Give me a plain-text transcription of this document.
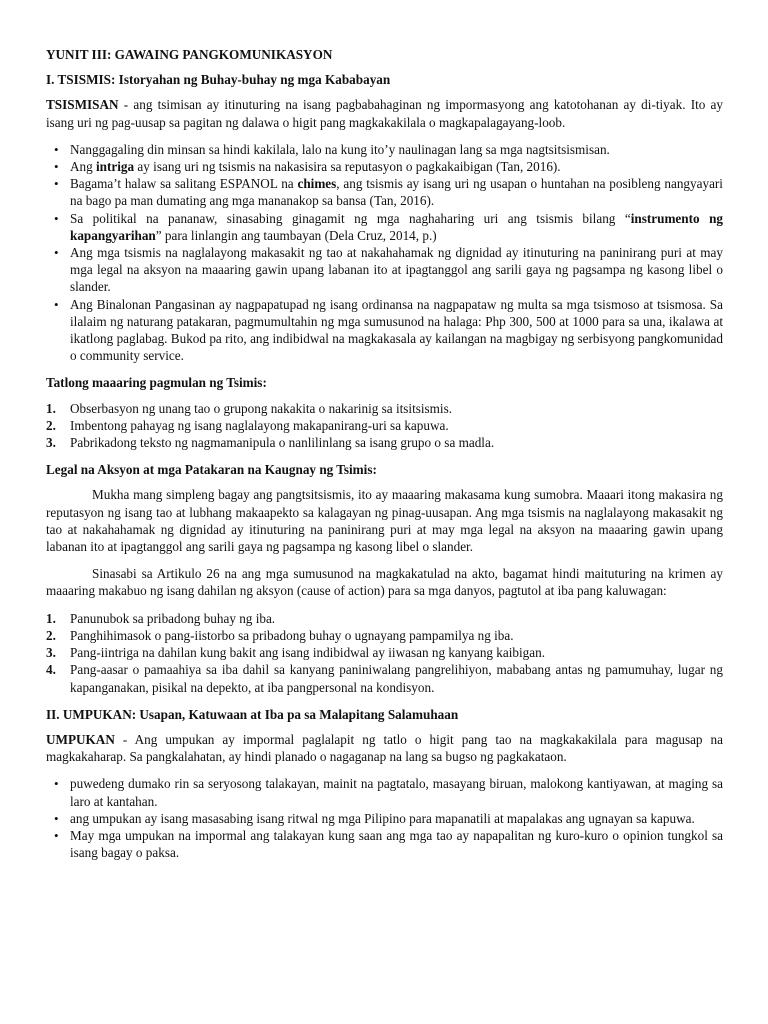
YUNIT III: GAWAING PANGKOMUNIKASYON

I. TSISMIS: Istoryahan ng Buhay-buhay ng mga Kababayan

TSISMISAN - ang tsimisan ay itinuturing na isang pagbabahaginan ng impormasyong ang katotohanan ay di-tiyak. Ito ay isang uri ng pag-uusap sa pagitan ng dalawa o higit pang magkakakilala o magkapalagayang-loob.

• Nanggagaling din minsan sa hindi kakilala, lalo na kung ito’y naulinagan lang sa mga nagtsitsismisan.
• Ang intriga ay isang uri ng tsismis na nakasisira sa reputasyon o pagkakaibigan (Tan, 2016).
• Bagama’t halaw sa salitang ESPANOL na chimes, ang tsismis ay isang uri ng usapan o huntahan na posibleng nangyayari na bago pa man dumating ang mga mananakop sa bansa (Tan, 2016).
• Sa politikal na pananaw, sinasabing ginagamit ng mga naghaharing uri ang tsismis bilang “instrumento ng kapangyarihan” para linlangin ang taumbayan (Dela Cruz, 2014, p.)
• Ang mga tsismis na naglalayong makasakit ng tao at nakahahamak ng dignidad ay itinuturing na paninirang puri at may mga legal na aksyon na maaaring gawin upang labanan ito at ipagtanggol ang sarili gaya ng pagsampa ng kasong libel o slander.
• Ang Binalonan Pangasinan ay nagpapatupad ng isang ordinansa na nagpapataw ng multa sa mga tsismoso at tsismosa. Sa ilalaim ng naturang patakaran, pagmumultahin ng mga sumusunod na halaga: Php 300, 500 at 1000 para sa una, ikalawa at ikatlong paglabag. Bukod pa rito, ang indibidwal na magkakasala ay kailangan na magbigay ng serbisyong pangkomunidad o community service.

Tatlong maaaring pagmulan ng Tsimis:

1.	Obserbasyon ng unang tao o grupong nakakita o nakarinig sa itsitsismis.
2.	Imbentong pahayag ng isang naglalayong makapanirang-uri sa kapuwa.
3.	Pabrikadong teksto ng nagmamanipula o nanlilinlang sa isang grupo o sa madla.

Legal na Aksyon at mga Patakaran na Kaugnay ng Tsimis:

Mukha mang simpleng bagay ang pangtsitsismis, ito ay maaaring makasama kung sumobra. Maaari itong makasira ng reputasyon ng isang tao at lubhang makaapekto sa kalagayan ng pinag-uusapan. Ang mga tsismis na naglalayong makasakit ng tao at nakahahamak ng dignidad ay itinuturing na paninirang puri at may mga legal na aksyon na maaaring gawin upang labanan ito at ipagtanggol ang sarili gaya ng pagsampa ng kasong libel o slander.

Sinasabi sa Artikulo 26 na ang mga sumusunod na magkakatulad na akto, bagamat hindi maituturing na krimen ay maaaring makabuo ng isang dahilan ng aksyon (cause of action) para sa mga danyos, pagtutol at iba pang kaluwagan:

1.	Panunubok sa pribadong buhay ng iba.
2.	Panghihimasok o pang-iistorbo sa pribadong buhay o ugnayang pampamilya ng iba.
3.	Pang-iintriga na dahilan kung bakit ang isang indibidwal ay iiwasan ng kanyang kaibigan.
4.	Pang-aasar o pamaahiya sa iba dahil sa kanyang paniniwalang pangrelihiyon, mababang antas ng pamumuhay, lugar ng kapanganakan, pisikal na depekto, at iba pangpersonal na kondisyon.

II. UMPUKAN: Usapan, Katuwaan at Iba pa sa Malapitang Salamuhaan

UMPUKAN - Ang umpukan ay impormal paglalapit ng tatlo o higit pang tao na magkakakilala para magusap na magkakaharap. Sa pangkalahatan, ay hindi planado o nagaganap na lang sa bugso ng pagkakataon.

• puwedeng dumako rin sa seryosong talakayan, mainit na pagtatalo, masayang biruan, malokong kantiyawan, at maging sa laro at kantahan.
• ang umpukan ay isang masasabing isang ritwal ng mga Pilipino para mapanatili at mapalakas ang ugnayan sa kapuwa.
• May mga umpukan na impormal ang talakayan kung saan ang mga tao ay napapalitan ng kuro-kuro o opinion tungkol sa isang bagay o paksa.
